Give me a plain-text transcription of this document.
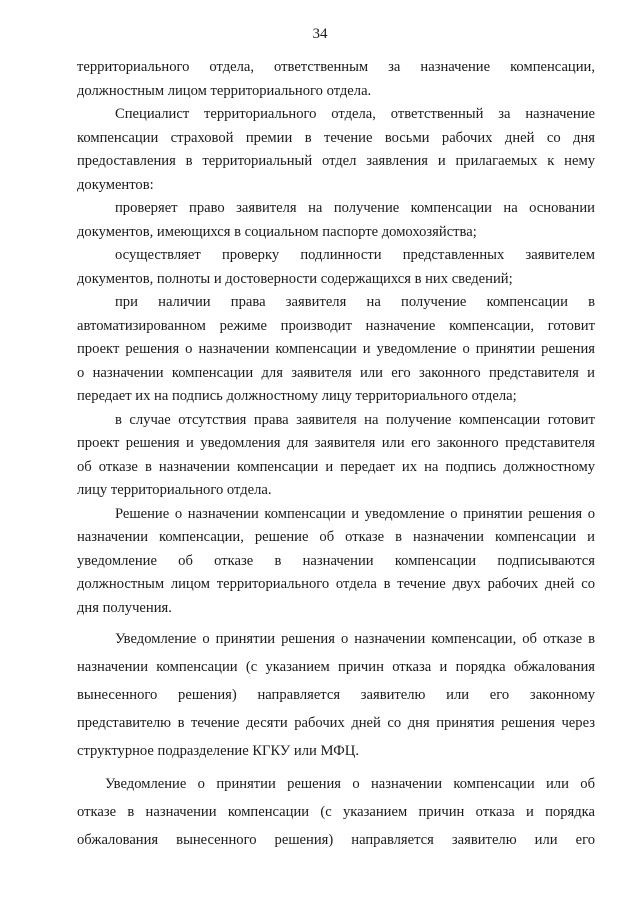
34
территориального отдела, ответственным за назначение компенсации,
должностным лицом территориального отдела.
Специалист территориального отдела, ответственный за назначение
компенсации страховой премии в течение восьми рабочих дней со дня
предоставления в территориальный отдел заявления и прилагаемых к нему
документов:
проверяет право заявителя на получение компенсации на основании
документов, имеющихся в социальном паспорте домохозяйства;
осуществляет проверку подлинности представленных заявителем
документов, полноты и достоверности содержащихся в них сведений;
при наличии права заявителя на получение компенсации в
автоматизированном режиме производит назначение компенсации, готовит
проект решения о назначении компенсации и уведомление о принятии решения
о назначении компенсации для заявителя или его законного представителя и
передает их на подпись должностному лицу территориального отдела;
в случае отсутствия права заявителя на получение компенсации готовит
проект решения и уведомления для заявителя или его законного представителя
об отказе в назначении компенсации и передает их на подпись должностному
лицу территориального отдела.
Решение о назначении компенсации и уведомление о принятии решения о
назначении компенсации, решение об отказе в назначении компенсации и
уведомление об отказе в назначении компенсации подписываются
должностным лицом территориального отдела в течение двух рабочих дней со
дня получения.
Уведомление о принятии решения о назначении компенсации, об отказе в
назначении компенсации (с указанием причин отказа и порядка обжалования
вынесенного решения) направляется заявителю или его законному
представителю в течение десяти рабочих дней со дня принятия решения через
структурное подразделение КГКУ или МФЦ.
Уведомление о принятии решения о назначении компенсации или об
отказе в назначении компенсации (с указанием причин отказа и порядка
обжалования вынесенного решения) направляется заявителю или его
